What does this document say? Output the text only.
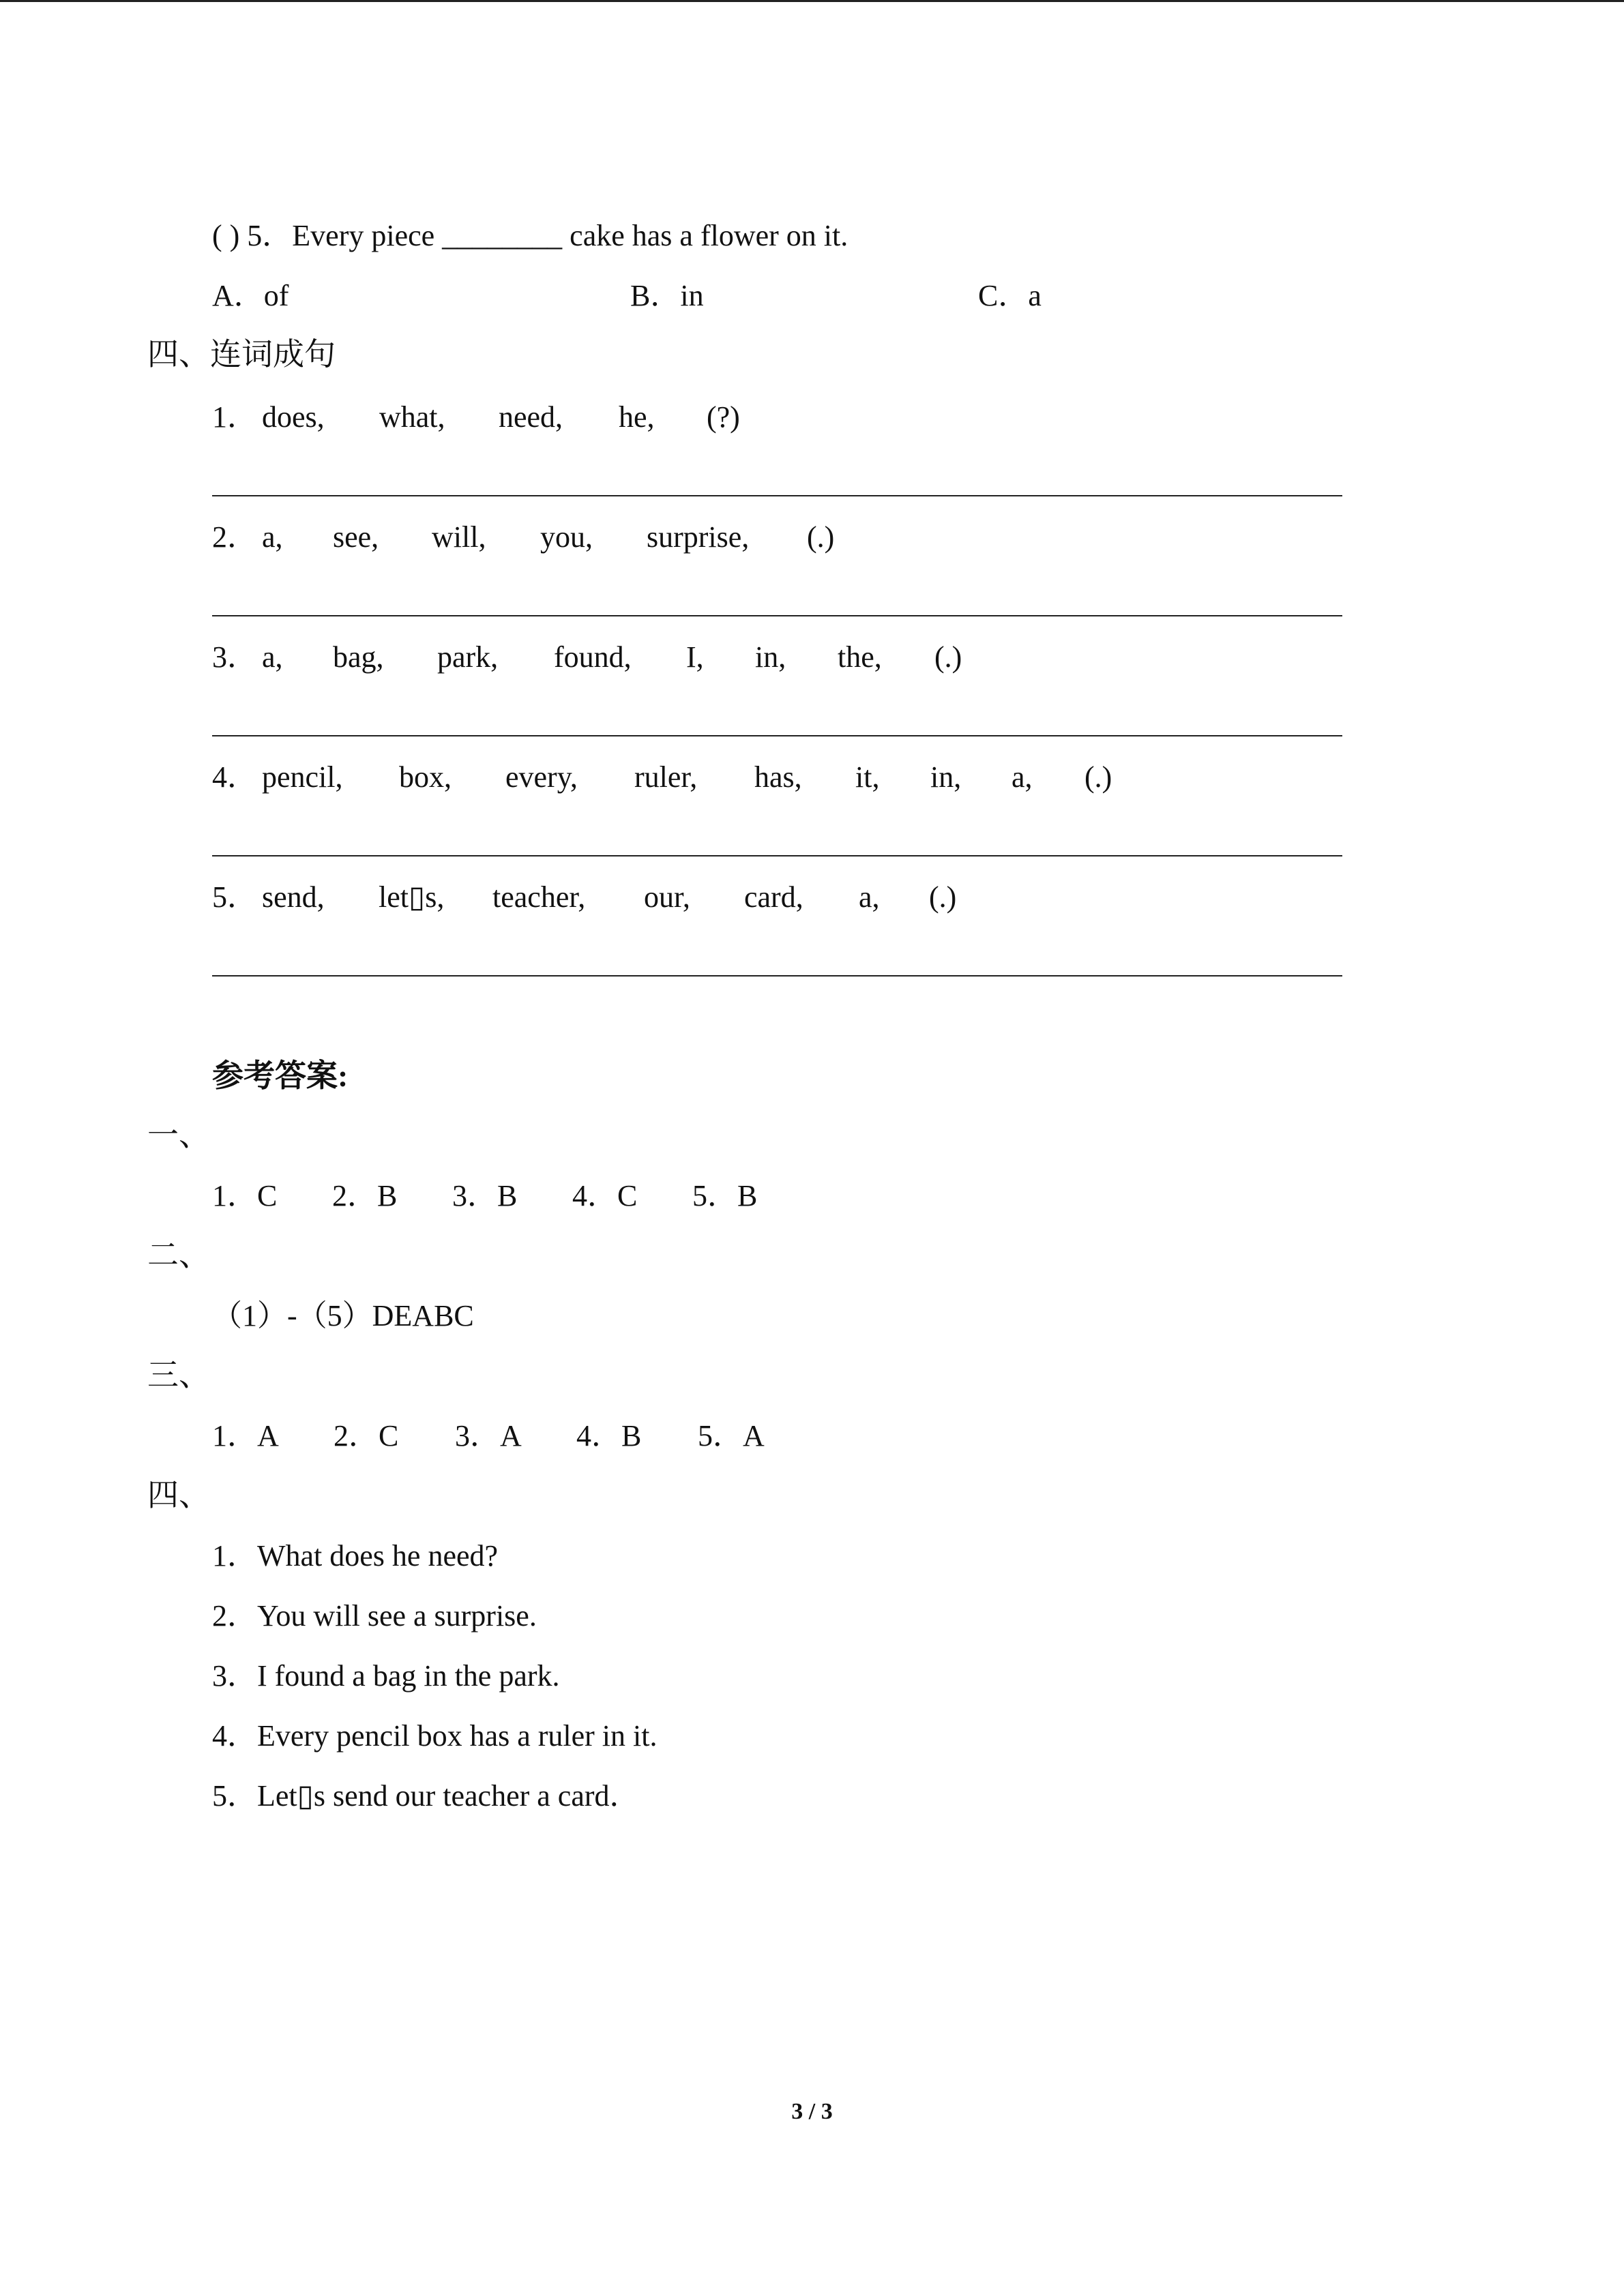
( ) 5．Every piece ________ cake has a flower on it.
A．of	B．in	C．a
四、连词成句
1． does, what, need, he, (?)
2． a, see, will, you, surprise, (.)
3． a, bag, park, found, I, in, the, (.)
4． pencil, box, every, ruler, has, it, in, a, (.)
5． send, let▯s, teacher, our, card, a, (.)
参考答案:
一、
1．C 2．B 3．B 4．C 5．B
二、
（1）-（5）DEABC
三、
1．A 2．C 3．A 4．B 5．A
四、
1．What does he need?
2．You will see a surprise.
3．I found a bag in the park.
4．Every pencil box has a ruler in it.
5．Let▯s send our teacher a card．
3 / 3
